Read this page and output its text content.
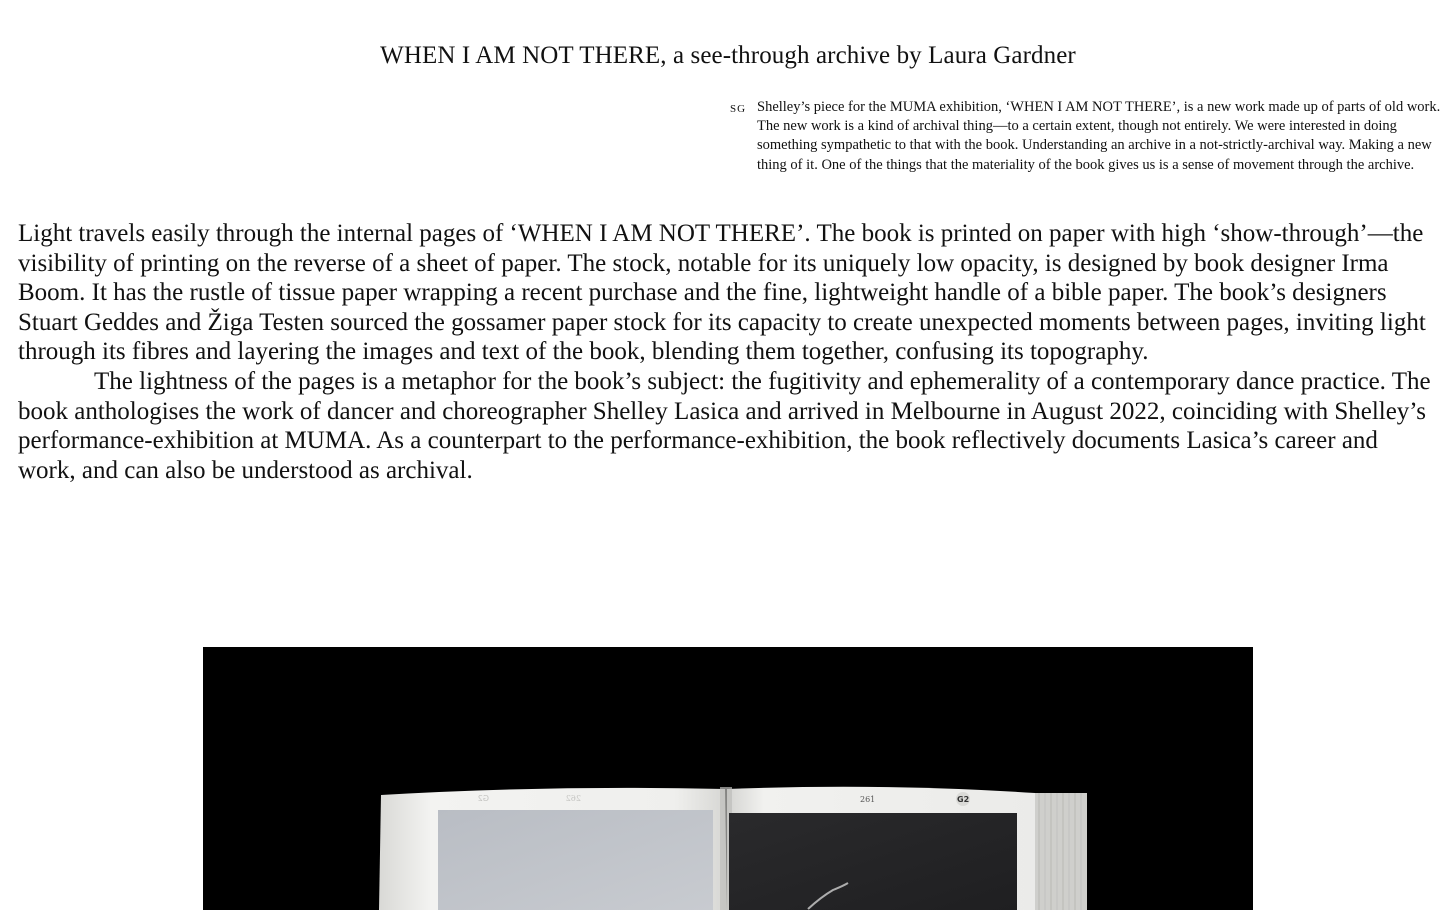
WHEN I AM NOT THERE, a see-through archive by Laura Gardner
SG Shelley’s piece for the MUMA exhibition, ‘WHEN I AM NOT THERE’, is a new work made up of parts of old work. The new work is a kind of archival thing—to a certain extent, though not entirely. We were interested in doing something sympathetic to that with the book. Understanding an archive in a not-strictly-archival way. Making a new thing of it. One of the things that the materiality of the book gives us is a sense of movement through the archive.

Light travels easily through the internal pages of ‘WHEN I AM NOT THERE’. The book is printed on paper with high ‘show-through’—the visibility of printing on the reverse of a sheet of paper. The stock, notable for its uniquely low opacity, is designed by book designer Irma Boom. It has the rustle of tissue paper wrapping a recent purchase and the fine, lightweight handle of a bible paper. The book’s designers Stuart Geddes and Žiga Testen sourced the gossamer paper stock for its capacity to create unexpected moments between pages, inviting light through its fibres and layering the images and text of the book, blending them together, confusing its topography.

The lightness of the pages is a metaphor for the book’s subject: the fugitivity and ephemerality of a contemporary dance practice. The book anthologises the work of dancer and choreographer Shelley Lasica and arrived in Melbourne in August 2022, coinciding with Shelley’s performance-exhibition at MUMA. As a counterpart to the performance-exhibition, the book reflectively documents Lasica’s career and work, and can also be understood as archival.

G2	262	261	G2
